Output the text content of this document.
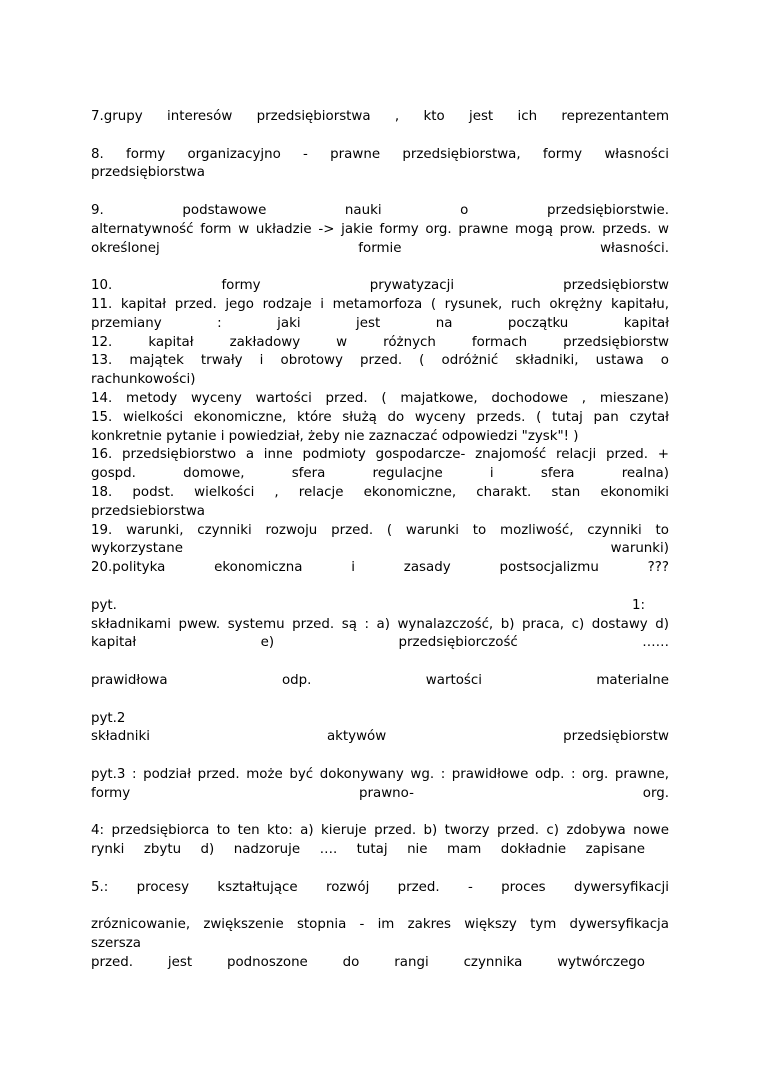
7.grupy interesów przedsiębiorstwa , kto jest ich reprezentantem
8. formy organizacyjno - prawne przedsiębiorstwa, formy własności
przedsiębiorstwa
9. podstawowe nauki o przedsiębiorstwie.
alternatywność form w układzie -> jakie formy org. prawne mogą prow. przeds. w
określonej formie własności.
10. formy prywatyzacji przedsiębiorstw
11. kapitał przed. jego rodzaje i metamorfoza ( rysunek, ruch okrężny kapitału,
przemiany : jaki jest na początku kapitał
12. kapitał zakładowy w różnych formach przedsiębiorstw
13. majątek trwały i obrotowy przed. ( odróżnić składniki, ustawa o
rachunkowości)
14. metody wyceny wartości przed. ( majatkowe, dochodowe , mieszane)
15. wielkości ekonomiczne, które służą do wyceny przeds. ( tutaj pan czytał
konkretnie pytanie i powiedział, żeby nie zaznaczać odpowiedzi "zysk"! )
16. przedsiębiorstwo a inne podmioty gospodarcze- znajomość relacji przed. +
gospd. domowe, sfera regulacjne i sfera realna)
18. podst. wielkości , relacje ekonomiczne, charakt. stan ekonomiki
przedsiebiorstwa
19. warunki, czynniki rozwoju przed. ( warunki to mozliwość, czynniki to
wykorzystane warunki)
20.polityka ekonomiczna i zasady postsocjalizmu ???
pyt. 1:
składnikami pwew. systemu przed. są : a) wynalazczość, b) praca, c) dostawy d)
kapitał e) przedsiębiorczość ……
prawidłowa odp. wartości materialne
pyt.2
składniki aktywów przedsiębiorstw
pyt.3 : podział przed. może być dokonywany wg. : prawidłowe odp. : org. prawne,
formy prawno- org.
4: przedsiębiorca to ten kto: a) kieruje przed. b) tworzy przed. c) zdobywa nowe
rynki zbytu d) nadzoruje …. tutaj nie mam dokładnie zapisane
5.: procesy kształtujące rozwój przed. - proces dywersyfikacji
zróznicowanie, zwiększenie stopnia - im zakres większy tym dywersyfikacja
szersza
przed. jest podnoszone do rangi czynnika wytwórczego
